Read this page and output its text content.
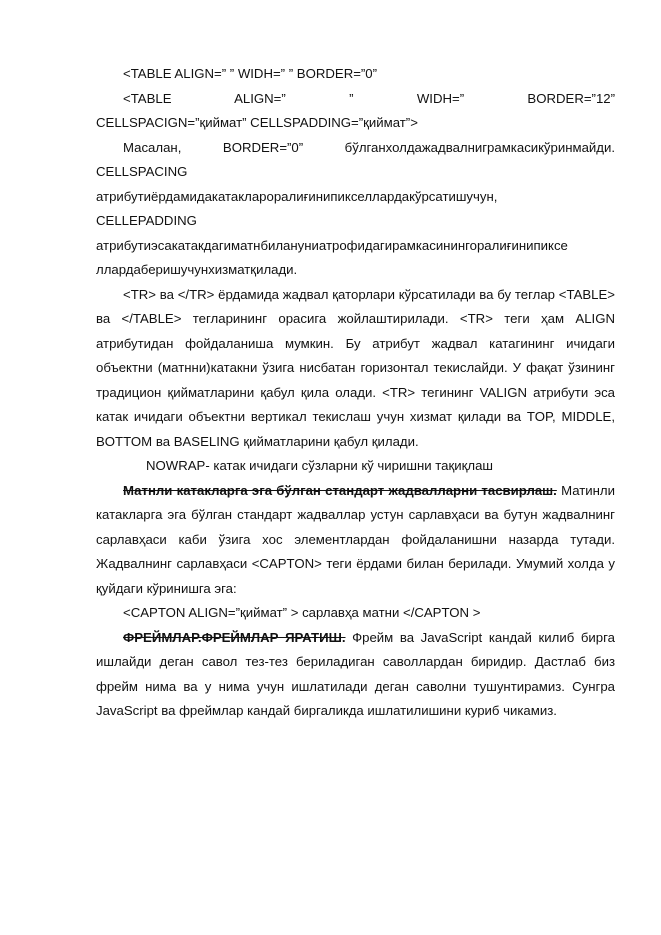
<TABLE ALIGN=” ” WIDH=” ” BORDER=”0”

<TABLE ALIGN=” ” WIDH=” BORDER=”12”

CELLSPACIGN=”қиймат” CELLSPADDING=”қиймат”>

Масалан, BORDER=”0” бўлганхолдажадвалниграмкасикўринмайди.

CELLSPACING

атрибутиёрдамидакатаклароралиғинипикселлардакўрсатишучун,

CELLEPADDING

атрибутиэсакатакдагиматнбилануниатрофидагирамкасинингоралиғинипиксе

ллардаберишучунхизматқилади.

<TR> ва </TR> ёрдамида жадвал қаторлари кўрсатилади ва бу теглар <TABLE> ва </TABLE> тегларининг орасига жойлаштирилади. <TR> теги ҳам ALIGN атрибутидан фойдаланиша мумкин. Бу атрибут жадвал катагининг ичидаги объектни (матнни)катакни ўзига нисбатан горизонтал текислайди. У фақат ўзининг традицион қийматларини қабул қила олади. <TR> тегининг VALIGN атрибути эса катак ичидаги объектни вертикал текислаш учун хизмат қилади ва TOP, MIDDLE, BOTTOM ва BASELING қийматларини қабул қилади.

NOWRAP- катак ичидаги сўзларни кў чиришни тақиқлаш

Матнли катакларга эга бўлган стандарт жадвалларни тасвирлаш. Матинли катакларга эга бўлган стандарт жадваллар устун сарлавҳаси ва бутун жадвалнинг сарлавҳаси каби ўзига хос элементлардан фойдаланишни назарда тутади. Жадвалнинг сарлавҳаси <CAPTON> теги ёрдами билан берилади. Умумий холда у қуйдаги кўринишга эга:

<CAPTON ALIGN=”қиймат” > сарлавҳа матни </CAPTON >

ФРЕЙМЛАР.ФРЕЙМЛАР ЯРАТИШ. Фрейм ва JavaScript кандай килиб бирга ишлайди деган савол тез-тез бериладиган саволлардан биридир. Дастлаб биз фрейм нима ва у нима учун ишлатилади деган саволни тушунтирамиз. Сунгра JavaScript ва фреймлар кандай биргаликда ишлатилишини куриб чикамиз.
